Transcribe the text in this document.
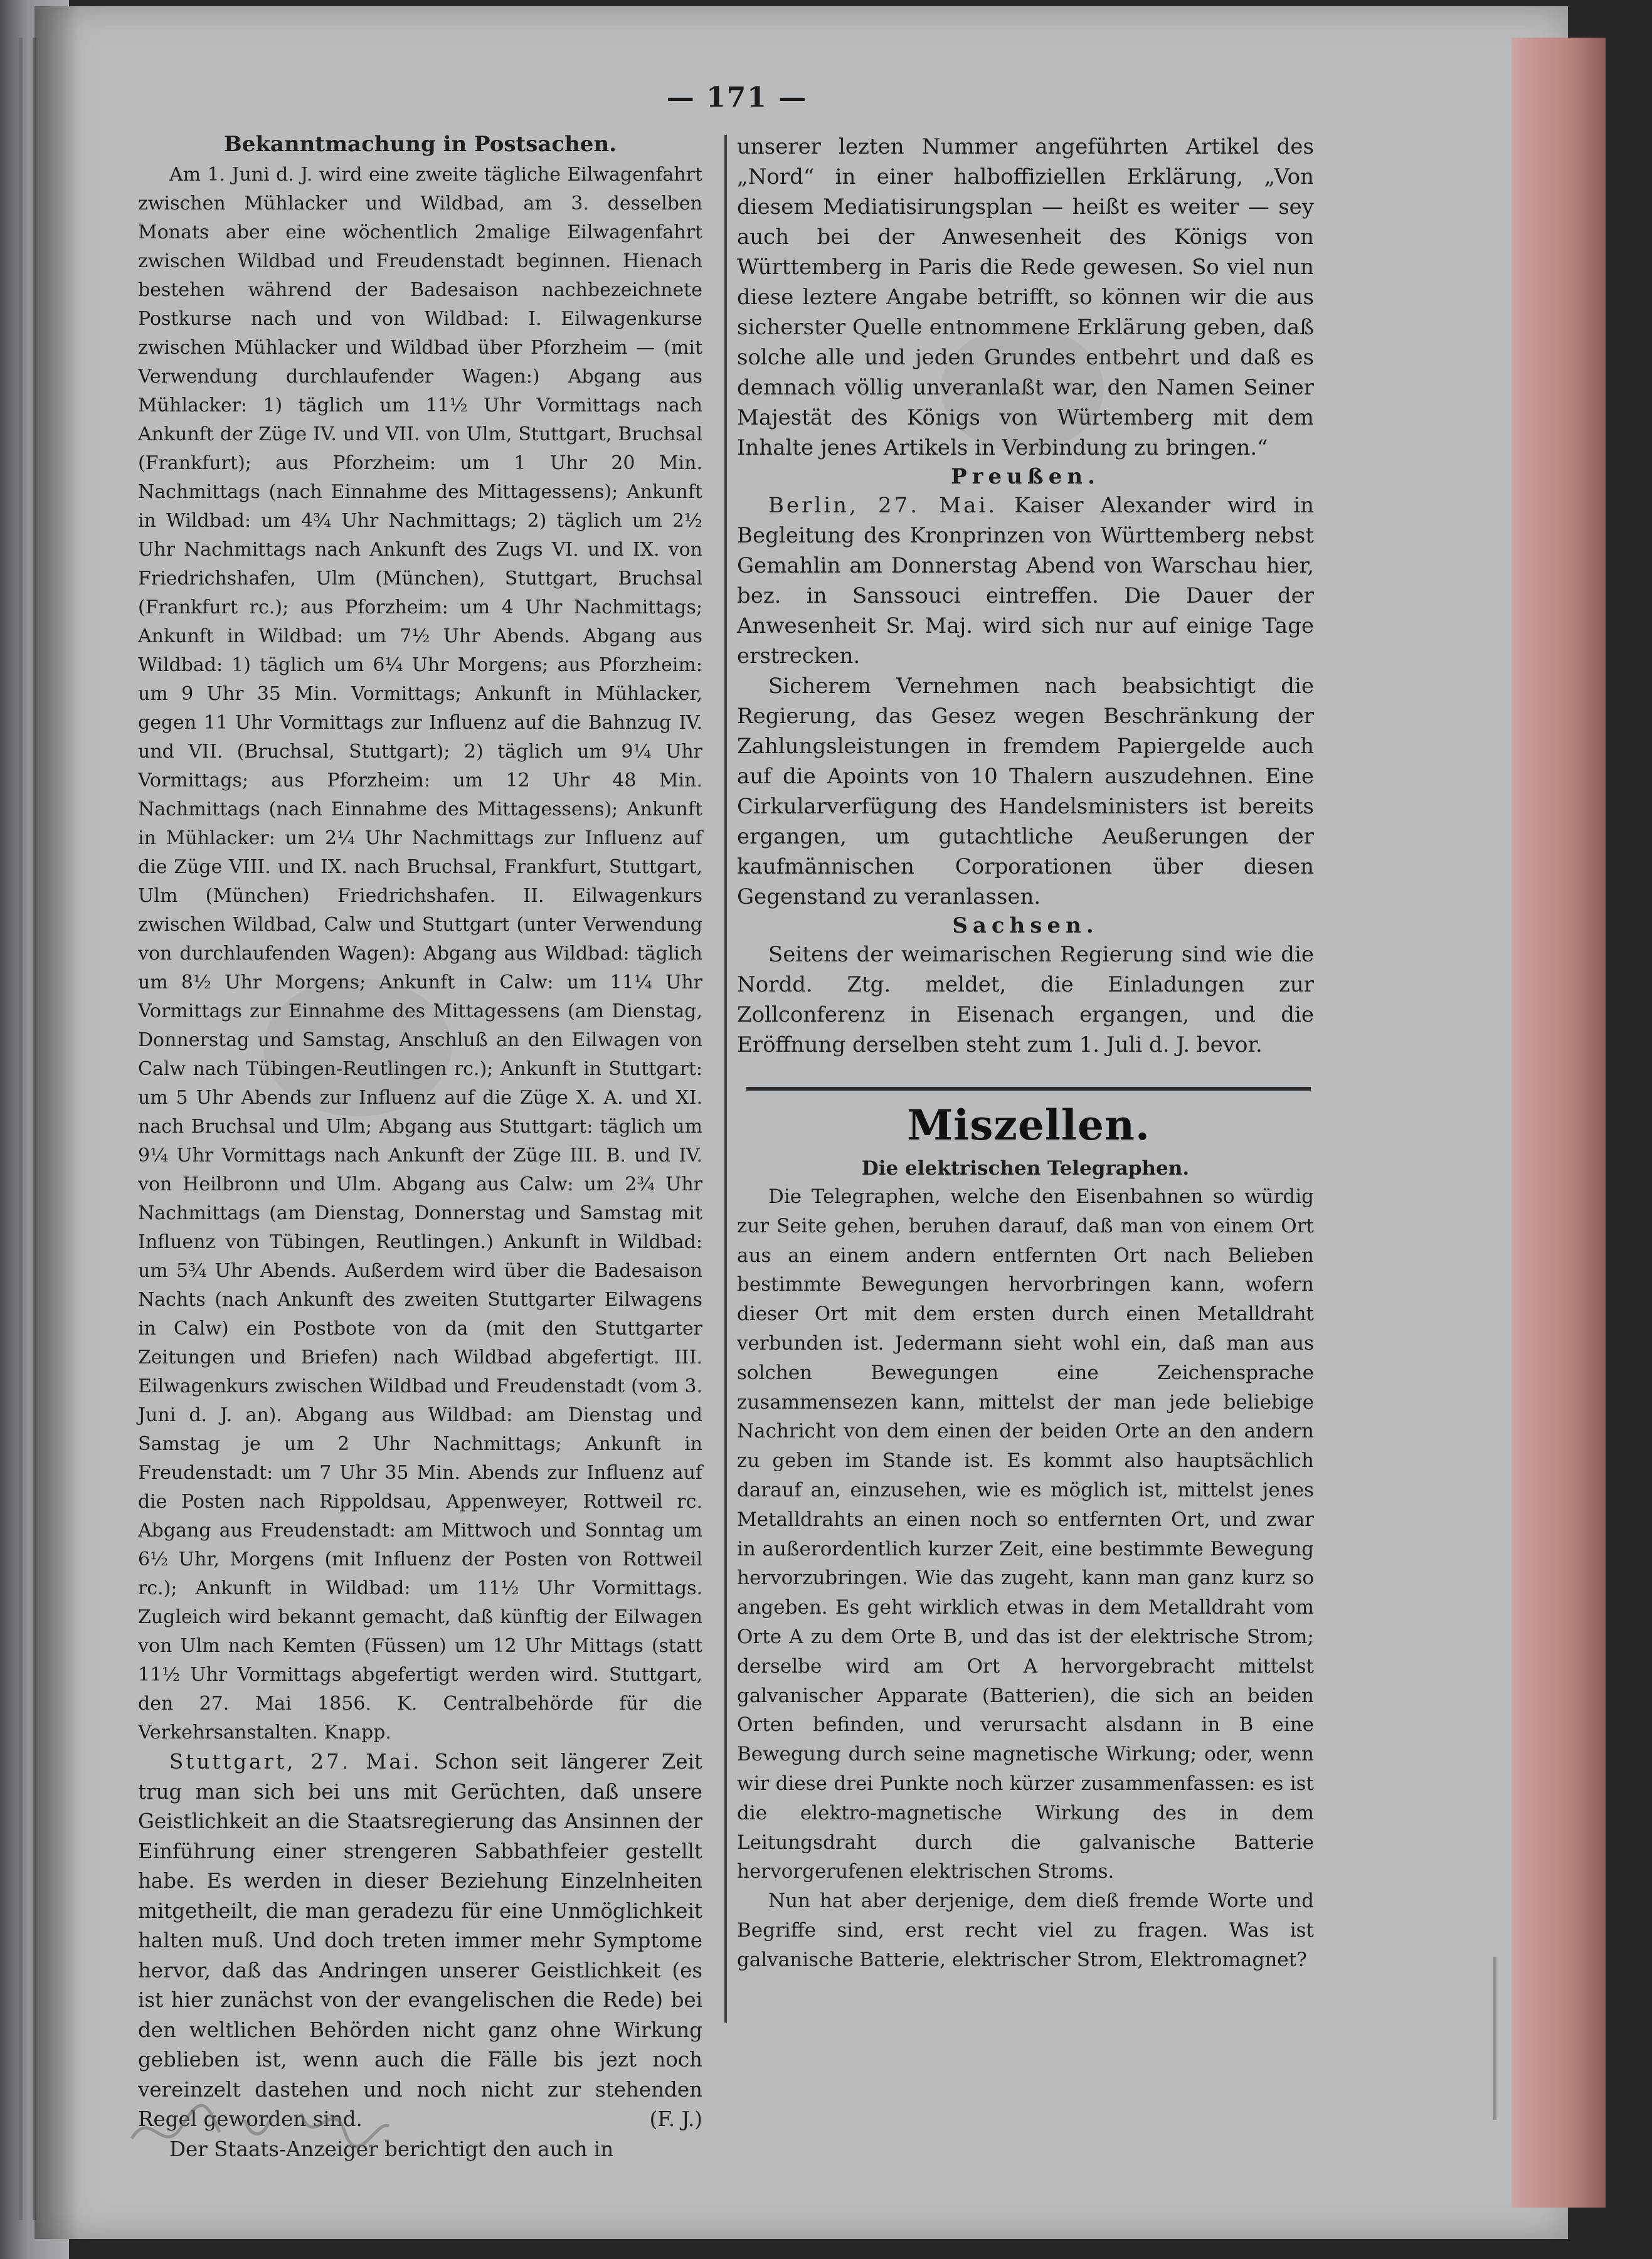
— 171 —

Bekanntmachung in Postsachen.

Am 1. Juni d. J. wird eine zweite tägliche Eilwagenfahrt zwischen Mühlacker und Wildbad, am 3. desselben Monats aber eine wöchentlich 2malige Eilwagenfahrt zwischen Wildbad und Freudenstadt beginnen. Hienach bestehen während der Badesaison nachbezeichnete Postkurse nach und von Wildbad: I. Eilwagenkurse zwischen Mühlacker und Wildbad über Pforzheim — (mit Verwendung durchlaufender Wagen:) Abgang aus Mühlacker: 1) täglich um 11½ Uhr Vormittags nach Ankunft der Züge IV. und VII. von Ulm, Stuttgart, Bruchsal (Frankfurt); aus Pforzheim: um 1 Uhr 20 Min. Nachmittags (nach Einnahme des Mittagessens); Ankunft in Wildbad: um 4¾ Uhr Nachmittags; 2) täglich um 2½ Uhr Nachmittags nach Ankunft des Zugs VI. und IX. von Friedrichshafen, Ulm (München), Stuttgart, Bruchsal (Frankfurt rc.); aus Pforzheim: um 4 Uhr Nachmittags; Ankunft in Wildbad: um 7½ Uhr Abends. Abgang aus Wildbad: 1) täglich um 6¼ Uhr Morgens; aus Pforzheim: um 9 Uhr 35 Min. Vormittags; Ankunft in Mühlacker, gegen 11 Uhr Vormittags zur Influenz auf die Bahnzug IV. und VII. (Bruchsal, Stuttgart); 2) täglich um 9¼ Uhr Vormittags; aus Pforzheim: um 12 Uhr 48 Min. Nachmittags (nach Einnahme des Mittagessens); Ankunft in Mühlacker: um 2¼ Uhr Nachmittags zur Influenz auf die Züge VIII. und IX. nach Bruchsal, Frankfurt, Stuttgart, Ulm (München) Friedrichshafen. II. Eilwagenkurs zwischen Wildbad, Calw und Stuttgart (unter Verwendung von durchlaufenden Wagen): Abgang aus Wildbad: täglich um 8½ Uhr Morgens; Ankunft in Calw: um 11¼ Uhr Vormittags zur Einnahme des Mittagessens (am Dienstag, Donnerstag und Samstag, Anschluß an den Eilwagen von Calw nach Tübingen-Reutlingen rc.); Ankunft in Stuttgart: um 5 Uhr Abends zur Influenz auf die Züge X. A. und XI. nach Bruchsal und Ulm; Abgang aus Stuttgart: täglich um 9¼ Uhr Vormittags nach Ankunft der Züge III. B. und IV. von Heilbronn und Ulm. Abgang aus Calw: um 2¾ Uhr Nachmittags (am Dienstag, Donnerstag und Samstag mit Influenz von Tübingen, Reutlingen.) Ankunft in Wildbad: um 5¾ Uhr Abends. Außerdem wird über die Badesaison Nachts (nach Ankunft des zweiten Stuttgarter Eilwagens in Calw) ein Postbote von da (mit den Stuttgarter Zeitungen und Briefen) nach Wildbad abgefertigt. III. Eilwagenkurs zwischen Wildbad und Freudenstadt (vom 3. Juni d. J. an). Abgang aus Wildbad: am Dienstag und Samstag je um 2 Uhr Nachmittags; Ankunft in Freudenstadt: um 7 Uhr 35 Min. Abends zur Influenz auf die Posten nach Rippoldsau, Appenweyer, Rottweil rc. Abgang aus Freudenstadt: am Mittwoch und Sonntag um 6½ Uhr, Morgens (mit Influenz der Posten von Rottweil rc.); Ankunft in Wildbad: um 11½ Uhr Vormittags. Zugleich wird bekannt gemacht, daß künftig der Eilwagen von Ulm nach Kemten (Füssen) um 12 Uhr Mittags (statt 11½ Uhr Vormittags abgefertigt werden wird. Stuttgart, den 27. Mai 1856. K. Centralbehörde für die Verkehrsanstalten. Knapp.

Stuttgart, 27. Mai. Schon seit längerer Zeit trug man sich bei uns mit Gerüchten, daß unsere Geistlichkeit an die Staatsregierung das Ansinnen der Einführung einer strengeren Sabbathfeier gestellt habe. Es werden in dieser Beziehung Einzelnheiten mitgetheilt, die man geradezu für eine Unmöglichkeit halten muß. Und doch treten immer mehr Symptome hervor, daß das Andringen unserer Geistlichkeit (es ist hier zunächst von der evangelischen die Rede) bei den weltlichen Behörden nicht ganz ohne Wirkung geblieben ist, wenn auch die Fälle bis jezt noch vereinzelt dastehen und noch nicht zur stehenden Regel geworden sind.	(F. J.)

Der Staats-Anzeiger berichtigt den auch in

unserer lezten Nummer angeführten Artikel des „Nord“ in einer halboffiziellen Erklärung, „Von diesem Mediatisirungsplan — heißt es weiter — sey auch bei der Anwesenheit des Königs von Württemberg in Paris die Rede gewesen. So viel nun diese leztere Angabe betrifft, so können wir die aus sicherster Quelle entnommene Erklärung geben, daß solche alle und jeden Grundes entbehrt und daß es demnach völlig unveranlaßt war, den Namen Seiner Majestät des Königs von Würtemberg mit dem Inhalte jenes Artikels in Verbindung zu bringen.“

Preußen.

Berlin, 27. Mai. Kaiser Alexander wird in Begleitung des Kronprinzen von Württemberg nebst Gemahlin am Donnerstag Abend von Warschau hier, bez. in Sanssouci eintreffen. Die Dauer der Anwesenheit Sr. Maj. wird sich nur auf einige Tage erstrecken.

Sicherem Vernehmen nach beabsichtigt die Regierung, das Gesez wegen Beschränkung der Zahlungsleistungen in fremdem Papiergelde auch auf die Apoints von 10 Thalern auszudehnen. Eine Cirkularverfügung des Handelsministers ist bereits ergangen, um gutachtliche Aeußerungen der kaufmännischen Corporationen über diesen Gegenstand zu veranlassen.

Sachsen.

Seitens der weimarischen Regierung sind wie die Nordd. Ztg. meldet, die Einladungen zur Zollconferenz in Eisenach ergangen, und die Eröffnung derselben steht zum 1. Juli d. J. bevor.

Miszellen.

Die elektrischen Telegraphen.

Die Telegraphen, welche den Eisenbahnen so würdig zur Seite gehen, beruhen darauf, daß man von einem Ort aus an einem andern entfernten Ort nach Belieben bestimmte Bewegungen hervorbringen kann, wofern dieser Ort mit dem ersten durch einen Metalldraht verbunden ist. Jedermann sieht wohl ein, daß man aus solchen Bewegungen eine Zeichensprache zusammensezen kann, mittelst der man jede beliebige Nachricht von dem einen der beiden Orte an den andern zu geben im Stande ist. Es kommt also hauptsächlich darauf an, einzusehen, wie es möglich ist, mittelst jenes Metalldrahts an einen noch so entfernten Ort, und zwar in außerordentlich kurzer Zeit, eine bestimmte Bewegung hervorzubringen. Wie das zugeht, kann man ganz kurz so angeben. Es geht wirklich etwas in dem Metalldraht vom Orte A zu dem Orte B, und das ist der elektrische Strom; derselbe wird am Ort A hervorgebracht mittelst galvanischer Apparate (Batterien), die sich an beiden Orten befinden, und verursacht alsdann in B eine Bewegung durch seine magnetische Wirkung; oder, wenn wir diese drei Punkte noch kürzer zusammenfassen: es ist die elektro-magnetische Wirkung des in dem Leitungsdraht durch die galvanische Batterie hervorgerufenen elektrischen Stroms.

Nun hat aber derjenige, dem dieß fremde Worte und Begriffe sind, erst recht viel zu fragen. Was ist galvanische Batterie, elektrischer Strom, Elektromagnet?
